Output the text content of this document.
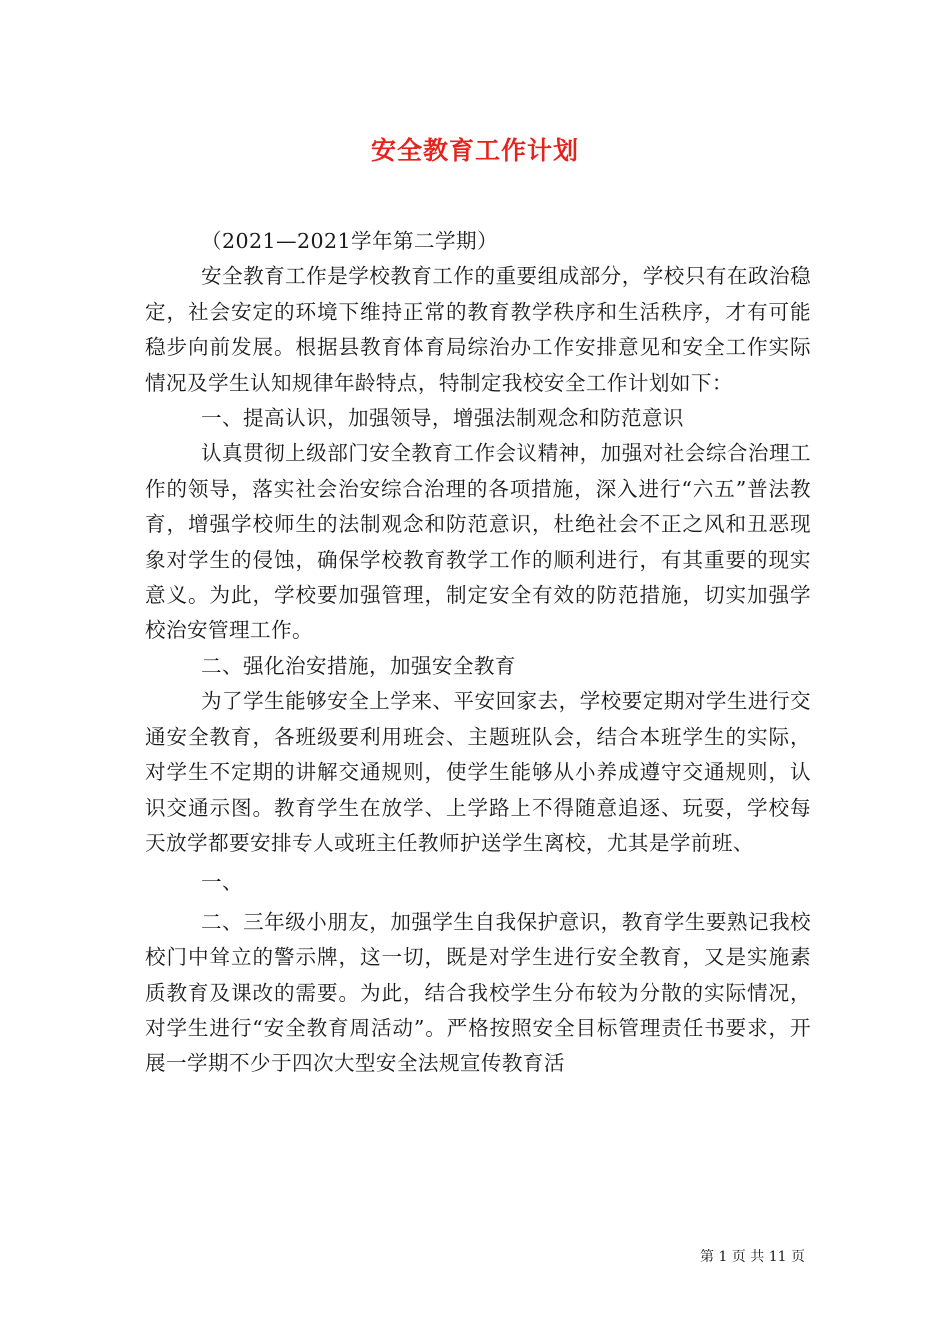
安全教育工作计划

（2021—2021学年第二学期）

安全教育工作是学校教育工作的重要组成部分，学校只有在政治稳定，社会安定的环境下维持正常的教育教学秩序和生活秩序，才有可能稳步向前发展。根据县教育体育局综治办工作安排意见和安全工作实际情况及学生认知规律年龄特点，特制定我校安全工作计划如下：

一、提高认识，加强领导，增强法制观念和防范意识

认真贯彻上级部门安全教育工作会议精神，加强对社会综合治理工作的领导，落实社会治安综合治理的各项措施，深入进行“六五”普法教育，增强学校师生的法制观念和防范意识，杜绝社会不正之风和丑恶现象对学生的侵蚀，确保学校教育教学工作的顺利进行，有其重要的现实意义。为此，学校要加强管理，制定安全有效的防范措施，切实加强学校治安管理工作。

二、强化治安措施，加强安全教育

为了学生能够安全上学来、平安回家去，学校要定期对学生进行交通安全教育，各班级要利用班会、主题班队会，结合本班学生的实际，对学生不定期的讲解交通规则，使学生能够从小养成遵守交通规则，认识交通示图。教育学生在放学、上学路上不得随意追逐、玩耍，学校每天放学都要安排专人或班主任教师护送学生离校，尤其是学前班、

一、

二、三年级小朋友，加强学生自我保护意识，教育学生要熟记我校校门中耸立的警示牌，这一切，既是对学生进行安全教育，又是实施素质教育及课改的需要。为此，结合我校学生分布较为分散的实际情况，对学生进行“安全教育周活动”。严格按照安全目标管理责任书要求，开展一学期不少于四次大型安全法规宣传教育活

第 1 页 共 11 页
